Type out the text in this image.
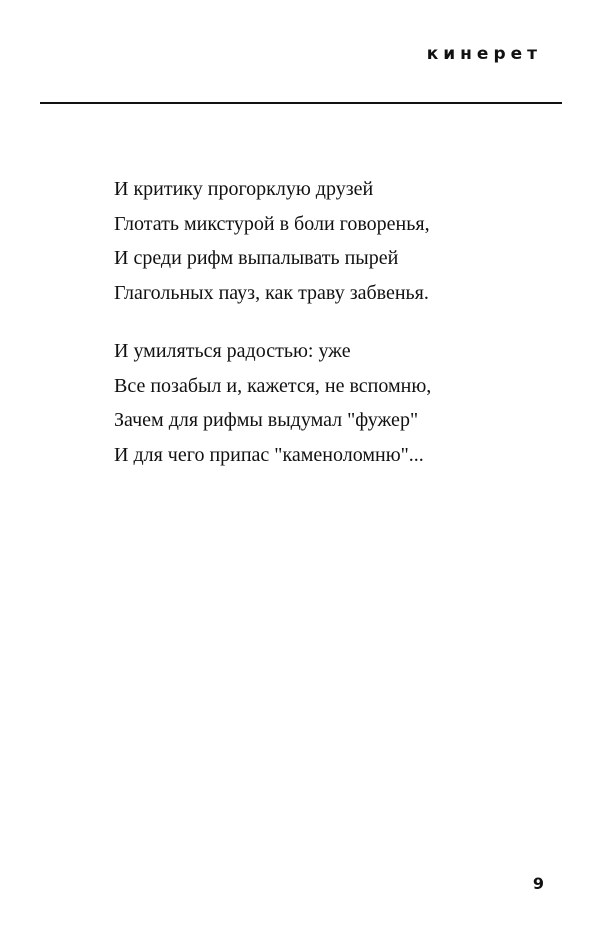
кинерет
И критику прогорклую друзей
Глотать микстурой в боли говоренья,
И среди рифм выпалывать пырей
Глагольных пауз, как траву забвенья.
И умиляться радостью: уже
Все позабыл и, кажется, не вспомню,
Зачем для рифмы выдумал "фужер"
И для чего припас "каменоломню"...
9
